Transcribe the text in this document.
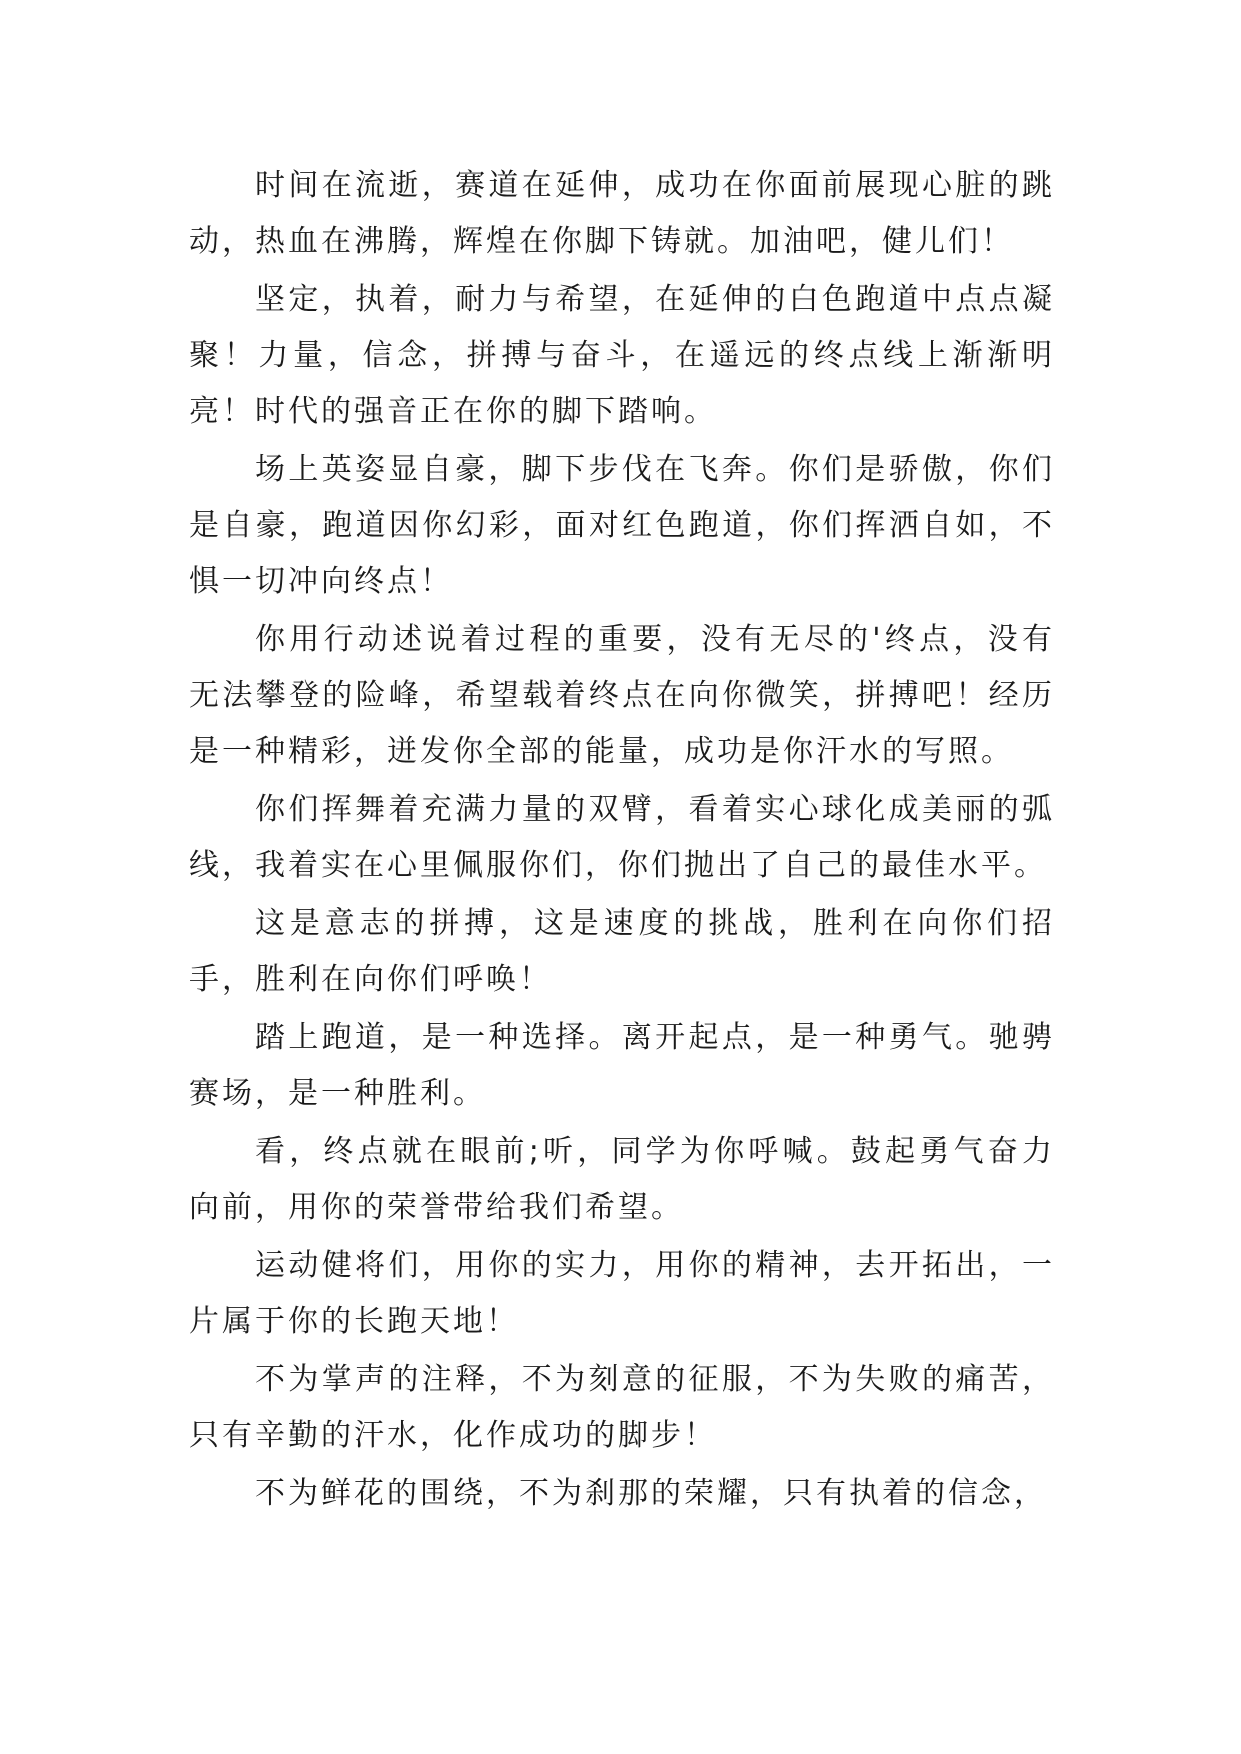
时间在流逝，赛道在延伸，成功在你面前展现心脏的跳动，热血在沸腾，辉煌在你脚下铸就。加油吧，健儿们！

坚定，执着，耐力与希望，在延伸的白色跑道中点点凝聚！力量，信念，拼搏与奋斗，在遥远的终点线上渐渐明亮！时代的强音正在你的脚下踏响。

场上英姿显自豪，脚下步伐在飞奔。你们是骄傲，你们是自豪，跑道因你幻彩，面对红色跑道，你们挥洒自如，不惧一切冲向终点！

你用行动述说着过程的重要，没有无尽的'终点，没有无法攀登的险峰，希望载着终点在向你微笑，拼搏吧！经历是一种精彩，迸发你全部的能量，成功是你汗水的写照。

你们挥舞着充满力量的双臂，看着实心球化成美丽的弧线，我着实在心里佩服你们，你们抛出了自己的最佳水平。

这是意志的拼搏，这是速度的挑战，胜利在向你们招手，胜利在向你们呼唤！

踏上跑道，是一种选择。离开起点，是一种勇气。驰骋赛场，是一种胜利。

看，终点就在眼前;听，同学为你呼喊。鼓起勇气奋力向前，用你的荣誉带给我们希望。

运动健将们，用你的实力，用你的精神，去开拓出，一片属于你的长跑天地！

不为掌声的注释，不为刻意的征服，不为失败的痛苦，只有辛勤的汗水，化作成功的脚步！

不为鲜花的围绕，不为刹那的荣耀，只有执着的信念，
